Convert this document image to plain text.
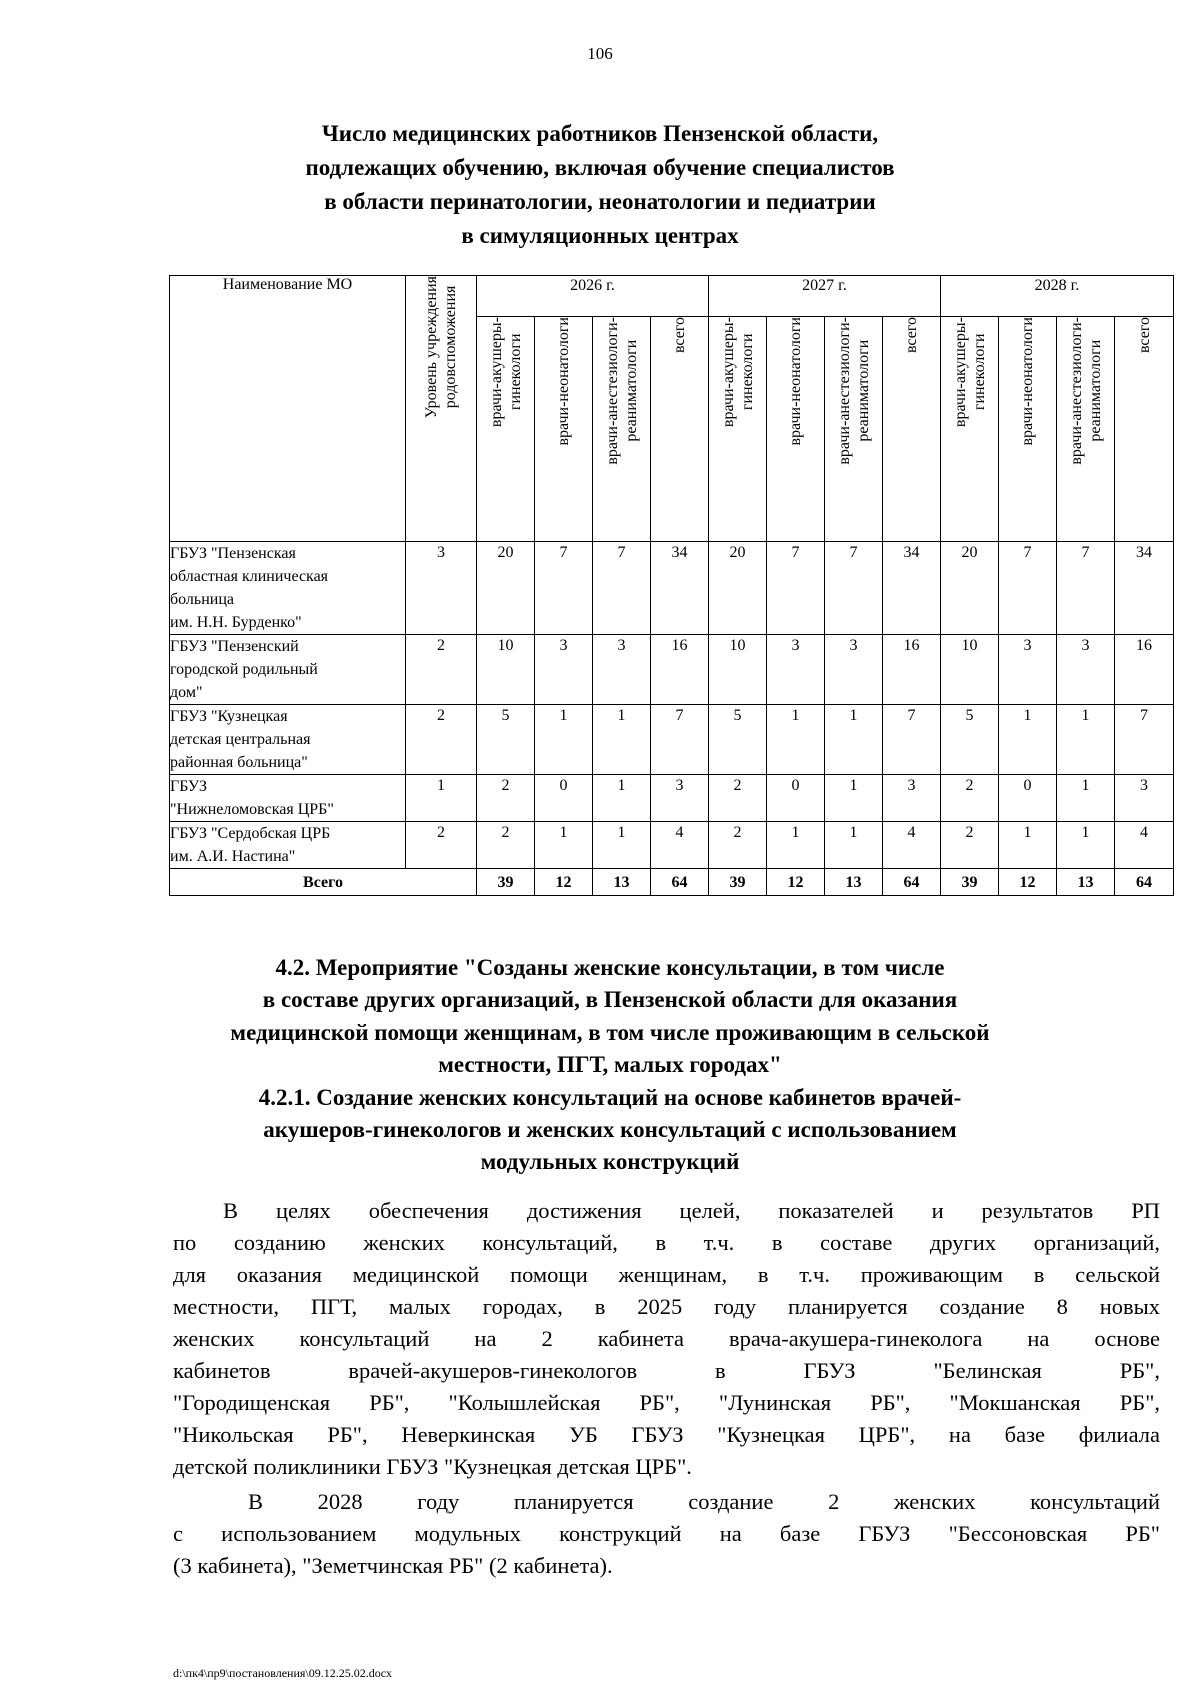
106
Число медицинских работников Пензенской области,
подлежащих обучению, включая обучение специалистов
в области перинатологии, неонатологии и педиатрии
в симуляционных центрах
Наименование МО	Уровень учреждения родовспоможения	2026 г.				2027 г.				2028 г.			

		врачи-акушеры- гинекологи	врачи-неонатологи	врачи-анестезиологи- реаниматологи	всего	врачи-акушеры- гинекологи	врачи-неонатологи	врачи-анестезиологи- реаниматологи	всего	врачи-акушеры- гинекологи	врачи-неонатологи	врачи-анестезиологи- реаниматологи	всего

ГБУЗ "Пензенская
областная клиническая
больница
им. Н.Н. Бурденко"	3	20	7	7	34	20	7	7	34	20	7	7	34

ГБУЗ "Пензенский
городской родильный
дом"	2	10	3	3	16	10	3	3	16	10	3	3	16

ГБУЗ "Кузнецкая
детская центральная
районная больница"	2	5	1	1	7	5	1	1	7	5	1	1	7

ГБУЗ
"Нижнеломовская ЦРБ"	1	2	0	1	3	2	0	1	3	2	0	1	3

ГБУЗ "Сердобская ЦРБ
им. А.И. Настина"	2	2	1	1	4	2	1	1	4	2	1	1	4
Всего		39	12	13	64	39	12	13	64	39	12	13	64
4.2. Мероприятие "Созданы женские консультации, в том числе
в составе других организаций, в Пензенской области для оказания
медицинской помощи женщинам, в том числе проживающим в сельской
местности, ПГТ, малых городах"
4.2.1. Создание женских консультаций на основе кабинетов врачей-
акушеров-гинекологов и женских консультаций с использованием
модульных конструкций
В целях обеспечения достижения целей, показателей и результатов РП
по созданию женских консультаций, в т.ч. в составе других организаций,
для оказания медицинской помощи женщинам, в т.ч. проживающим в сельской
местности, ПГТ, малых городах, в 2025 году планируется создание 8 новых
женских консультаций на 2 кабинета врача-акушера-гинеколога на основе
кабинетов врачей-акушеров-гинекологов в ГБУЗ "Белинская РБ",
"Городищенская РБ", "Колышлейская РБ", "Лунинская РБ", "Мокшанская РБ",
"Никольская РБ", Неверкинская УБ ГБУЗ "Кузнецкая ЦРБ", на базе филиала
детской поликлиники ГБУЗ "Кузнецкая детская ЦРБ".
В 2028 году планируется создание 2 женских консультаций
с использованием модульных конструкций на базе ГБУЗ "Бессоновская РБ"
(3 кабинета), "Земетчинская РБ" (2 кабинета).
d:\пк4\пр9\постановления\09.12.25.02.docx
